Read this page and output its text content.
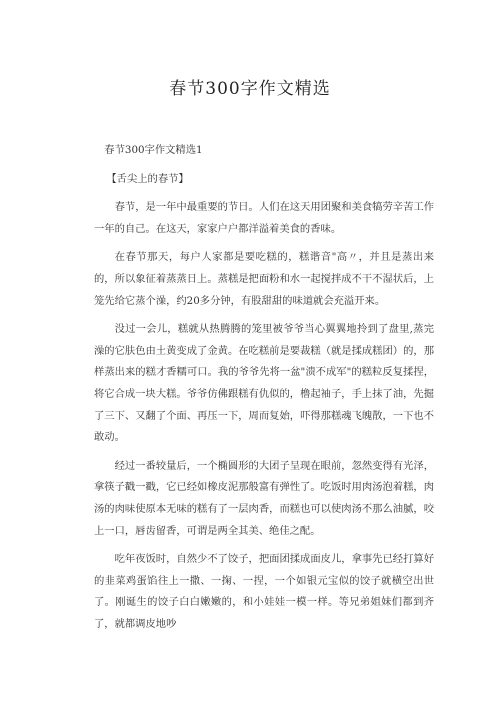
春节300字作文精选

春节300字作文精选1

【舌尖上的春节】

春节，是一年中最重要的节日。人们在这天用团聚和美食犒劳辛苦工作一年的自己。在这天，家家户户都洋溢着美食的香味。

在春节那天，每户人家都是要吃糕的，糕谐音"高〃，并且是蒸出来的，所以象征着蒸蒸日上。蒸糕是把面粉和水一起搅拌成不干不湿状后，上笼先给它蒸个澡，约20多分钟，有股甜甜的味道就会充溢开来。

没过一会儿，糕就从热腾腾的笼里被爷爷当心翼翼地拎到了盘里,蒸完澡的它肤色由土黄变成了金黄。在吃糕前是要裁糕（就是揉成糕团）的，那样蒸出来的糕才香糯可口。我的爷爷先将一盆"溃不成军"的糕粒反复揉捏，将它合成一块大糕。爷爷仿佛跟糕有仇似的，橹起袖子，手上抹了油，先掘了三下、又翻了个面、再压一下，周而复始，吓得那糕魂飞魄散，一下也不敢动。

经过一番较量后，一个椭圆形的大团子呈现在眼前，忽然变得有光泽，拿筷子戳一戳，它已经如橡皮泥那般富有弹性了。吃饭时用肉汤泡着糕，肉汤的肉味使原本无味的糕有了一层肉香，而糕也可以使肉汤不那么油腻，咬上一口，唇齿留香，可谓是两全其美、绝佳之配。

吃年夜饭时，自然少不了饺子，把面团揉成面皮儿，拿事先已经打算好的韭菜鸡蛋馅往上一撒、一掬、一捏，一个如银元宝似的饺子就横空出世了。刚诞生的饺子白白嫩嫩的，和小娃娃一模一样。等兄弟姐妹们都到齐了，就都调皮地吵
